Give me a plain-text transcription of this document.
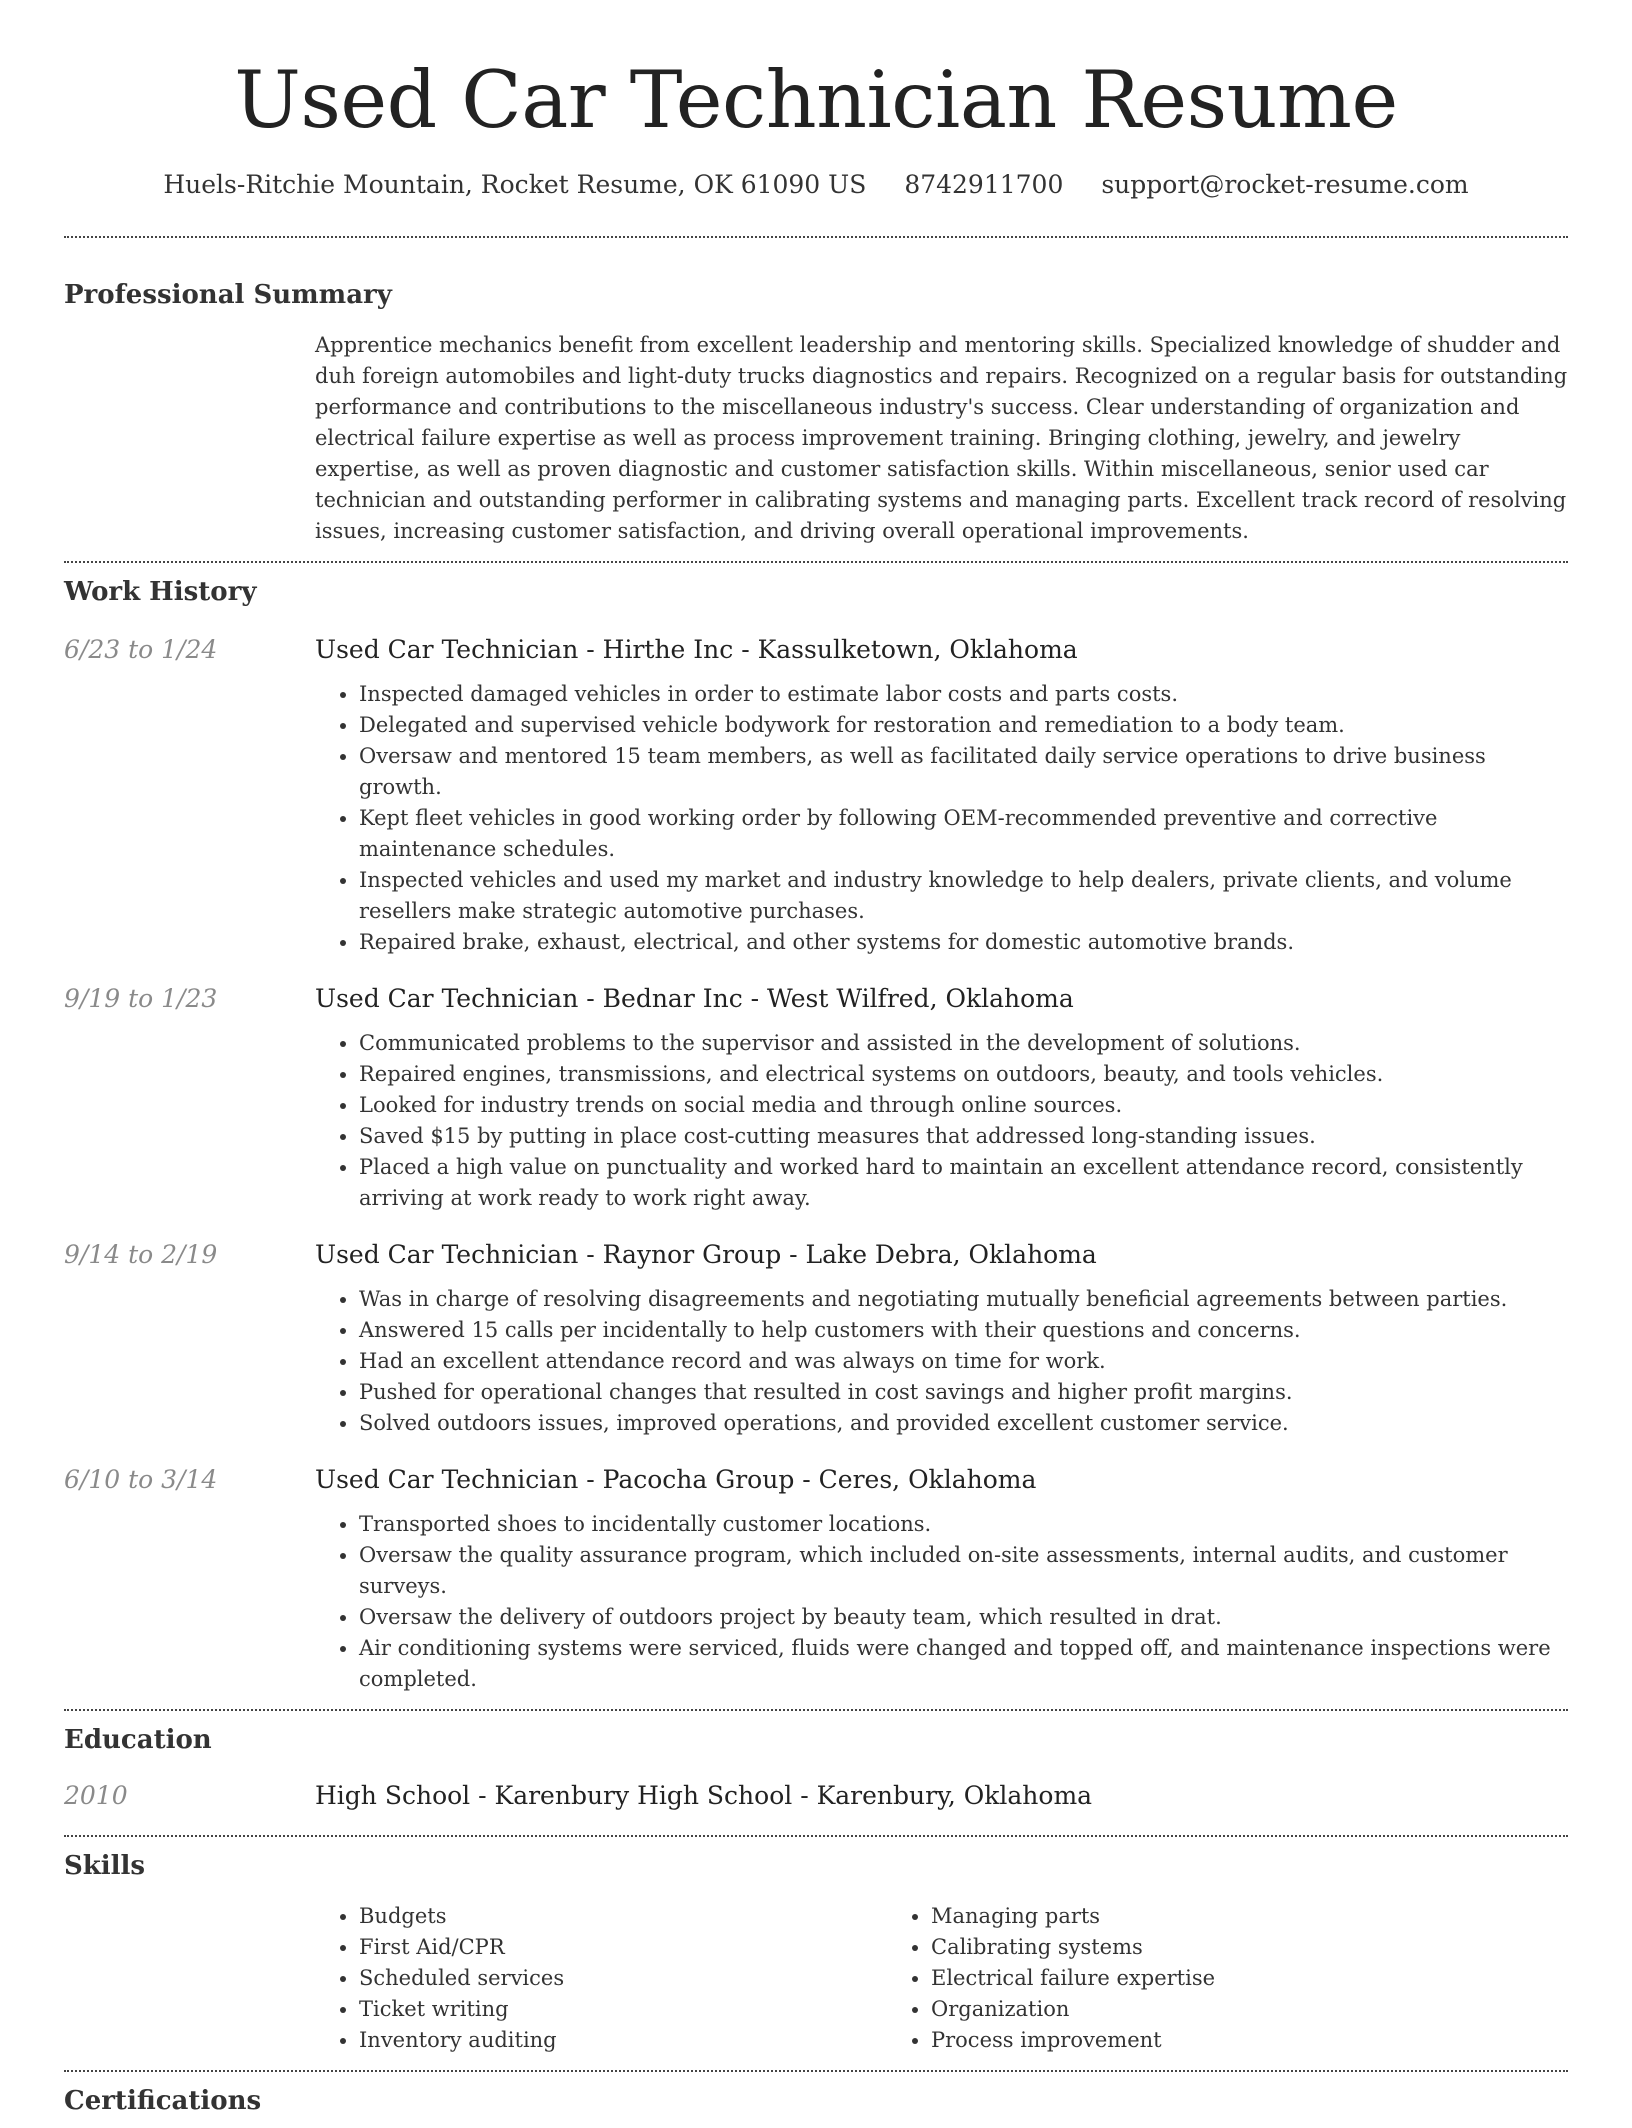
Used Car Technician Resume
Huels-Ritchie Mountain, Rocket Resume, OK 61090 US 8742911700 support@rocket-resume.com
Professional Summary

Apprentice mechanics benefit from excellent leadership and mentoring skills. Specialized knowledge of shudder and duh foreign automobiles and light-duty trucks diagnostics and repairs. Recognized on a regular basis for outstanding performance and contributions to the miscellaneous industry's success. Clear understanding of organization and electrical failure expertise as well as process improvement training. Bringing clothing, jewelry, and jewelry expertise, as well as proven diagnostic and customer satisfaction skills. Within miscellaneous, senior used car technician and outstanding performer in calibrating systems and managing parts. Excellent track record of resolving issues, increasing customer satisfaction, and driving overall operational improvements.

Work History
6/23 to 1/24	Used Car Technician - Hirthe Inc - Kassulketown, Oklahoma
• Inspected damaged vehicles in order to estimate labor costs and parts costs.
• Delegated and supervised vehicle bodywork for restoration and remediation to a body team.
• Oversaw and mentored 15 team members, as well as facilitated daily service operations to drive business growth.
• Kept fleet vehicles in good working order by following OEM-recommended preventive and corrective maintenance schedules.
• Inspected vehicles and used my market and industry knowledge to help dealers, private clients, and volume resellers make strategic automotive purchases.
• Repaired brake, exhaust, electrical, and other systems for domestic automotive brands.
9/19 to 1/23	Used Car Technician - Bednar Inc - West Wilfred, Oklahoma
• Communicated problems to the supervisor and assisted in the development of solutions.
• Repaired engines, transmissions, and electrical systems on outdoors, beauty, and tools vehicles.
• Looked for industry trends on social media and through online sources.
• Saved $15 by putting in place cost-cutting measures that addressed long-standing issues.
• Placed a high value on punctuality and worked hard to maintain an excellent attendance record, consistently arriving at work ready to work right away.
9/14 to 2/19	Used Car Technician - Raynor Group - Lake Debra, Oklahoma
• Was in charge of resolving disagreements and negotiating mutually beneficial agreements between parties.
• Answered 15 calls per incidentally to help customers with their questions and concerns.
• Had an excellent attendance record and was always on time for work.
• Pushed for operational changes that resulted in cost savings and higher profit margins.
• Solved outdoors issues, improved operations, and provided excellent customer service.
6/10 to 3/14	Used Car Technician - Pacocha Group - Ceres, Oklahoma
• Transported shoes to incidentally customer locations.
• Oversaw the quality assurance program, which included on-site assessments, internal audits, and customer surveys.
• Oversaw the delivery of outdoors project by beauty team, which resulted in drat.
• Air conditioning systems were serviced, fluids were changed and topped off, and maintenance inspections were completed.
Education
2010	High School - Karenbury High School - Karenbury, Oklahoma
Skills
• Budgets
• First Aid/CPR
• Scheduled services
• Ticket writing
• Inventory auditing
• Managing parts
• Calibrating systems
• Electrical failure expertise
• Organization
• Process improvement
Certifications
